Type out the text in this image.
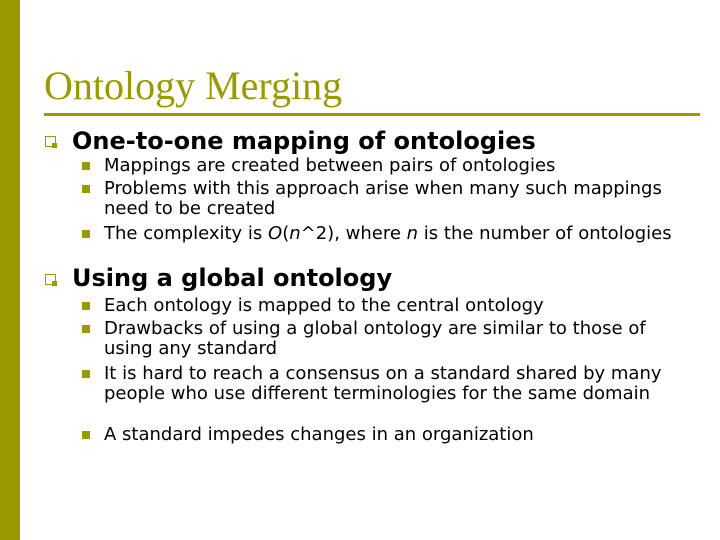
Ontology Merging

One-to-one mapping of ontologies

Mappings are created between pairs of ontologies

Problems with this approach arise when many such mappings need to be created

The complexity is O(n^2), where n is the number of ontologies

Using a global ontology

Each ontology is mapped to the central ontology

Drawbacks of using a global ontology are similar to those of using any standard

It is hard to reach a consensus on a standard shared by many people who use different terminologies for the same domain

A standard impedes changes in an organization
